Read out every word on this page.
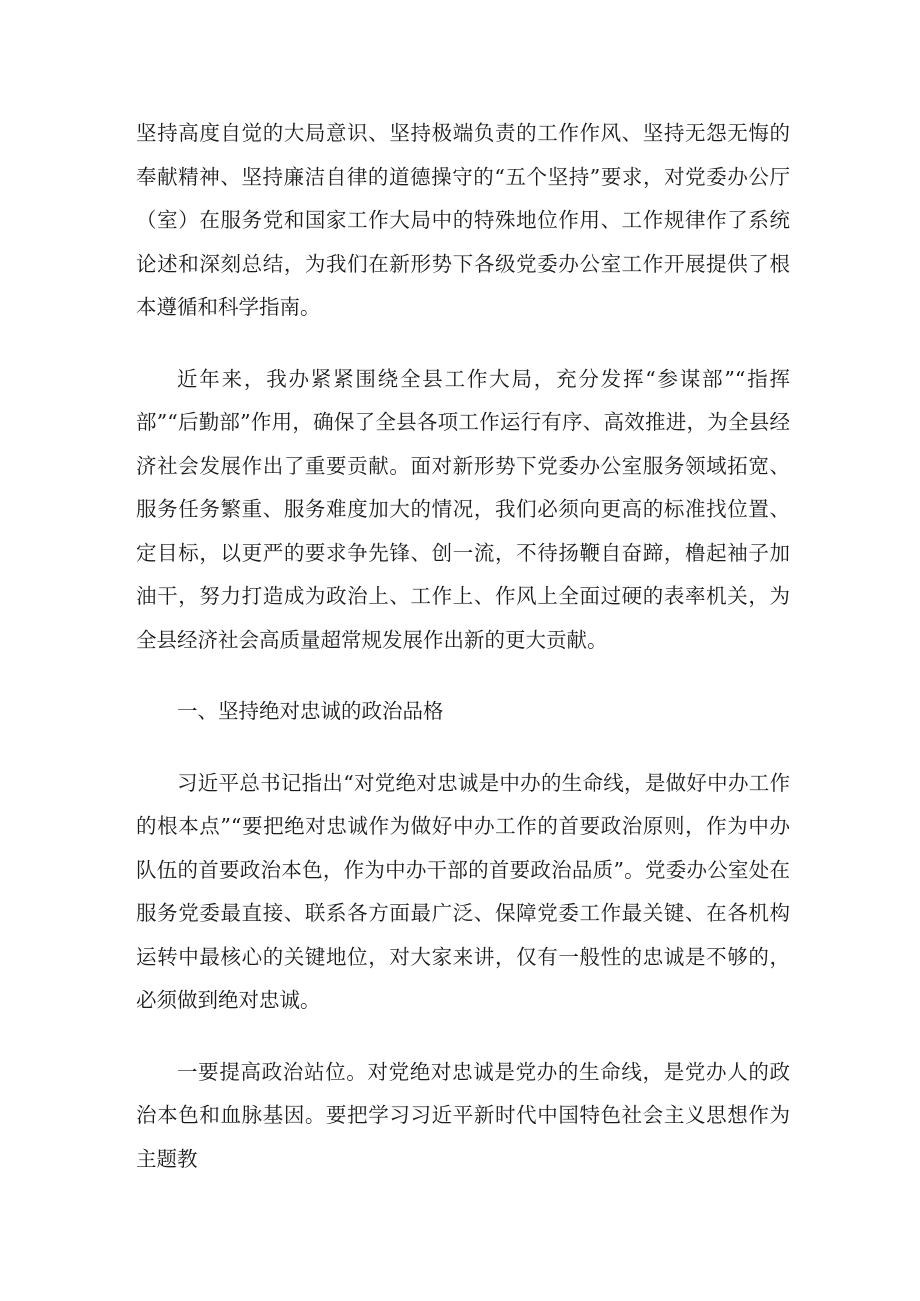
坚持高度自觉的大局意识、坚持极端负责的工作作风、坚持无怨无悔的奉献精神、坚持廉洁自律的道德操守的“五个坚持”要求，对党委办公厅（室）在服务党和国家工作大局中的特殊地位作用、工作规律作了系统论述和深刻总结，为我们在新形势下各级党委办公室工作开展提供了根本遵循和科学指南。

近年来，我办紧紧围绕全县工作大局，充分发挥“参谋部”“指挥部”“后勤部”作用，确保了全县各项工作运行有序、高效推进，为全县经济社会发展作出了重要贡献。面对新形势下党委办公室服务领域拓宽、服务任务繁重、服务难度加大的情况，我们必须向更高的标准找位置、定目标，以更严的要求争先锋、创一流，不待扬鞭自奋蹄，橹起袖子加油干，努力打造成为政治上、工作上、作风上全面过硬的表率机关，为全县经济社会高质量超常规发展作出新的更大贡献。

一、坚持绝对忠诚的政治品格

习近平总书记指出“对党绝对忠诚是中办的生命线，是做好中办工作的根本点”“要把绝对忠诚作为做好中办工作的首要政治原则，作为中办队伍的首要政治本色，作为中办干部的首要政治品质”。党委办公室处在服务党委最直接、联系各方面最广泛、保障党委工作最关键、在各机构运转中最核心的关键地位，对大家来讲，仅有一般性的忠诚是不够的，必须做到绝对忠诚。

一要提高政治站位。对党绝对忠诚是党办的生命线，是党办人的政治本色和血脉基因。要把学习习近平新时代中国特色社会主义思想作为主题教
